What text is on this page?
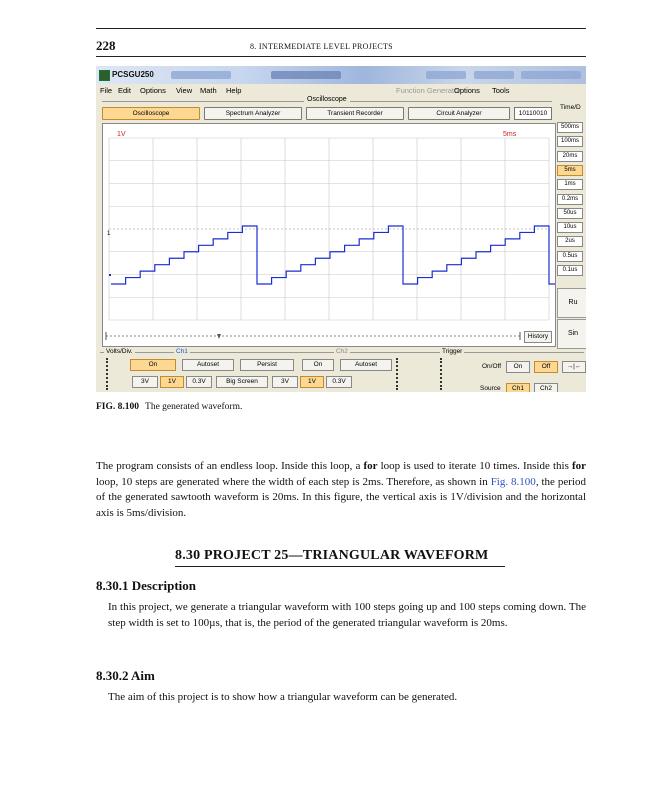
228	8. INTERMEDIATE LEVEL PROJECTS
PCSGU250
File Edit Options View Math Help	Function Generator
Options Tools
Oscilloscope
Oscilloscope	Spectrum Analyzer	Transient Recorder	Circuit Analyzer	10110010
1V	5ms
1
Time/D
Ru
Sin
History
Volts/Div.	Ch1	Ch2
On	Autoset	Persist	On	Autoset
3V	1V	0.3V	Big Screen	3V	1V	0.3V
Trigger
On/Off	On	Off	→|←
Source	Ch1	Ch2
500ms
100ms
20ms
5ms
1ms
0.2ms
50us
10us
2us
0.5us
0.1us
FIG. 8.100 The generated waveform.
The program consists of an endless loop. Inside this loop, a for loop is used to iterate 10 times. Inside this for loop, 10 steps are generated where the width of each step is 2ms. Therefore, as shown in Fig. 8.100, the period of the generated sawtooth waveform is 20ms. In this figure, the vertical axis is 1V/division and the horizontal axis is 5ms/division.
8.30 PROJECT 25—TRIANGULAR WAVEFORM
8.30.1 Description
In this project, we generate a triangular waveform with 100 steps going up and 100 steps coming down. The step width is set to 100µs, that is, the period of the generated triangular waveform is 20ms.
8.30.2 Aim
The aim of this project is to show how a triangular waveform can be generated.
